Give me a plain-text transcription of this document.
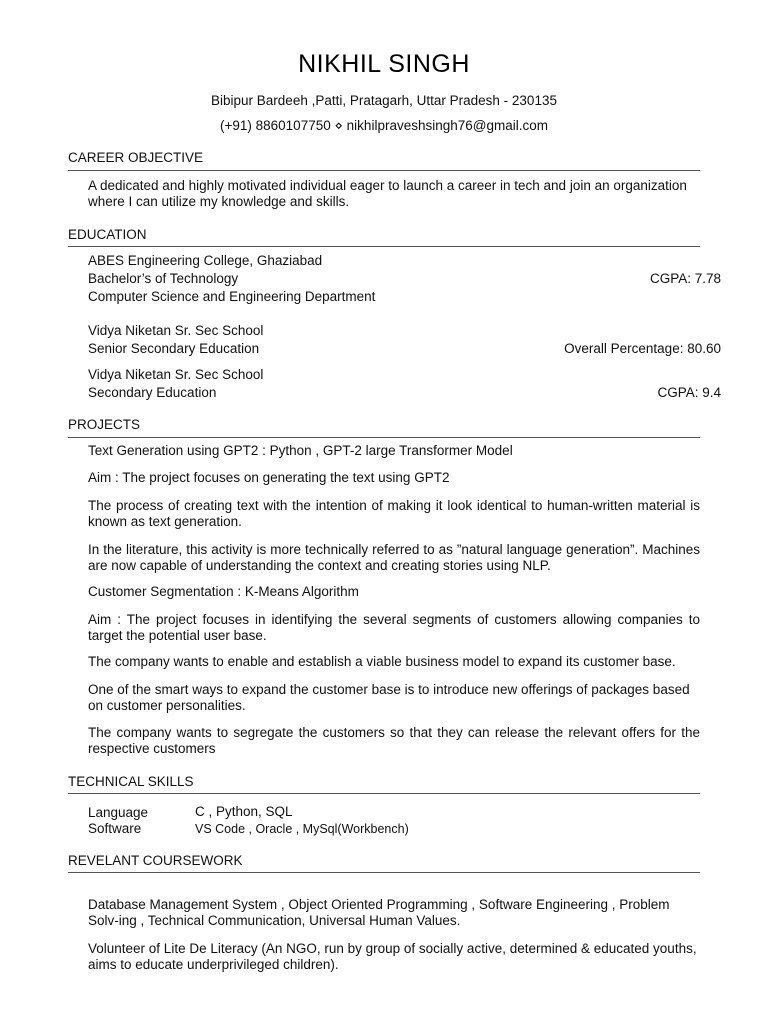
NIKHIL SINGH
Bibipur Bardeeh ,Patti, Pratagarh, Uttar Pradesh - 230135
(+91) 8860107750 ⋄ nikhilpraveshsingh76@gmail.com
CAREER OBJECTIVE
A dedicated and highly motivated individual eager to launch a career in tech and join an organization where I can utilize my knowledge and skills.
EDUCATION
ABES Engineering College, Ghaziabad
Bachelor’s of Technology	CGPA: 7.78
Computer Science and Engineering Department
Vidya Niketan Sr. Sec School
Senior Secondary Education	Overall Percentage: 80.60
Vidya Niketan Sr. Sec School
Secondary Education	CGPA: 9.4
PROJECTS
Text Generation using GPT2 : Python , GPT-2 large Transformer Model
Aim : The project focuses on generating the text using GPT2
The process of creating text with the intention of making it look identical to human-written material is known as text generation.
In the literature, this activity is more technically referred to as ”natural language generation”. Machines are now capable of understanding the context and creating stories using NLP.
Customer Segmentation : K-Means Algorithm
Aim : The project focuses in identifying the several segments of customers allowing companies to target the potential user base.
The company wants to enable and establish a viable business model to expand its customer base.
One of the smart ways to expand the customer base is to introduce new offerings of packages based on customer personalities.
The company wants to segregate the customers so that they can release the relevant offers for the respective customers
TECHNICAL SKILLS
Language	C , Python, SQL
Software	VS Code , Oracle , MySql(Workbench)
REVELANT COURSEWORK
Database Management System , Object Oriented Programming , Software Engineering , Problem Solv-ing , Technical Communication, Universal Human Values.
Volunteer of Lite De Literacy (An NGO, run by group of socially active, determined & educated youths, aims to educate underprivileged children).
